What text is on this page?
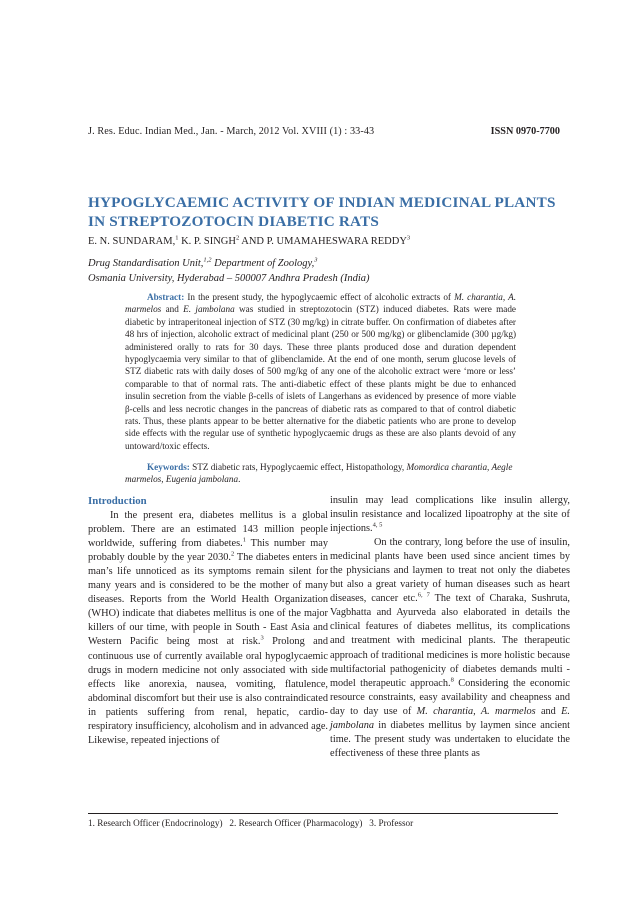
J. Res. Educ. Indian Med., Jan. - March, 2012 Vol. XVIII (1) : 33-43	ISSN 0970-7700
HYPOGLYCAEMIC ACTIVITY OF INDIAN MEDICINAL PLANTS
IN STREPTOZOTOCIN DIABETIC RATS
E. N. SUNDARAM,$^1$ K. P. SINGH$^2$ AND P. UMAMAHESWARA REDDY$^3$
Drug Standardisation Unit,$^{1,2}$ Department of Zoology,$^3$
Osmania University, Hyderabad – 500007 Andhra Pradesh (India)
Abstract: In the present study, the hypoglycaemic effect of alcoholic extracts of M. charantia, A. marmelos and E. jambolana was studied in streptozotocin (STZ) induced diabetes. Rats were made diabetic by intraperitoneal injection of STZ (30 mg/kg) in citrate buffer. On confirmation of diabetes after 48 hrs of injection, alcoholic extract of medicinal plant (250 or 500 mg/kg) or glibenclamide (300 µg/kg) administered orally to rats for 30 days. These three plants produced dose and duration dependent hypoglycaemia very similar to that of glibenclamide. At the end of one month, serum glucose levels of STZ diabetic rats with daily doses of 500 mg/kg of any one of the alcoholic extract were ‘more or less’ comparable to that of normal rats. The anti-diabetic effect of these plants might be due to enhanced insulin secretion from the viable β-cells of islets of Langerhans as evidenced by presence of more viable β-cells and less necrotic changes in the pancreas of diabetic rats as compared to that of control diabetic rats. Thus, these plants appear to be better alternative for the diabetic patients who are prone to develop side effects with the regular use of synthetic hypoglycaemic drugs as these are also plants devoid of any untoward/toxic effects.
Keywords: STZ diabetic rats, Hypoglycaemic effect, Histopathology, Momordica charantia, Aegle marmelos, Eugenia jambolana.
Introduction

In the present era, diabetes mellitus is a global problem. There are an estimated 143 million people worldwide, suffering from diabetes.$^1$ This number may probably double by the year 2030.$^2$ The diabetes enters in man’s life unnoticed as its symptoms remain silent for many years and is considered to be the mother of many diseases. Reports from the World Health Organization (WHO) indicate that diabetes mellitus is one of the major killers of our time, with people in South - East Asia and Western Pacific being most at risk.$^3$ Prolong and continuous use of currently available oral hypoglycaemic drugs in modern medicine not only associated with side effects like anorexia, nausea, vomiting, flatulence, abdominal discomfort but their use is also contraindicated in patients suffering from renal, hepatic, cardio-respiratory insufficiency, alcoholism and in advanced age. Likewise, repeated injections of

insulin may lead complications like insulin allergy, insulin resistance and localized lipoatrophy at the site of injections.$^{4, 5}$

On the contrary, long before the use of insulin, medicinal plants have been used since ancient times by the physicians and laymen to treat not only the diabetes but also a great variety of human diseases such as heart diseases, cancer etc.$^{6, 7}$ The text of Charaka, Sushruta, Vagbhatta and Ayurveda also elaborated in details the clinical features of diabetes mellitus, its complications and treatment with medicinal plants. The therapeutic approach of traditional medicines is more holistic because multifactorial pathogenicity of diabetes demands multi - model therapeutic approach.$^8$ Considering the economic resource constraints, easy availability and cheapness and day to day use of M. charantia, A. marmelos and E. jambolana in diabetes mellitus by laymen since ancient time. The present study was undertaken to elucidate the effectiveness of these three plants as

1. Research Officer (Endocrinology)   2. Research Officer (Pharmacology)   3. Professor
